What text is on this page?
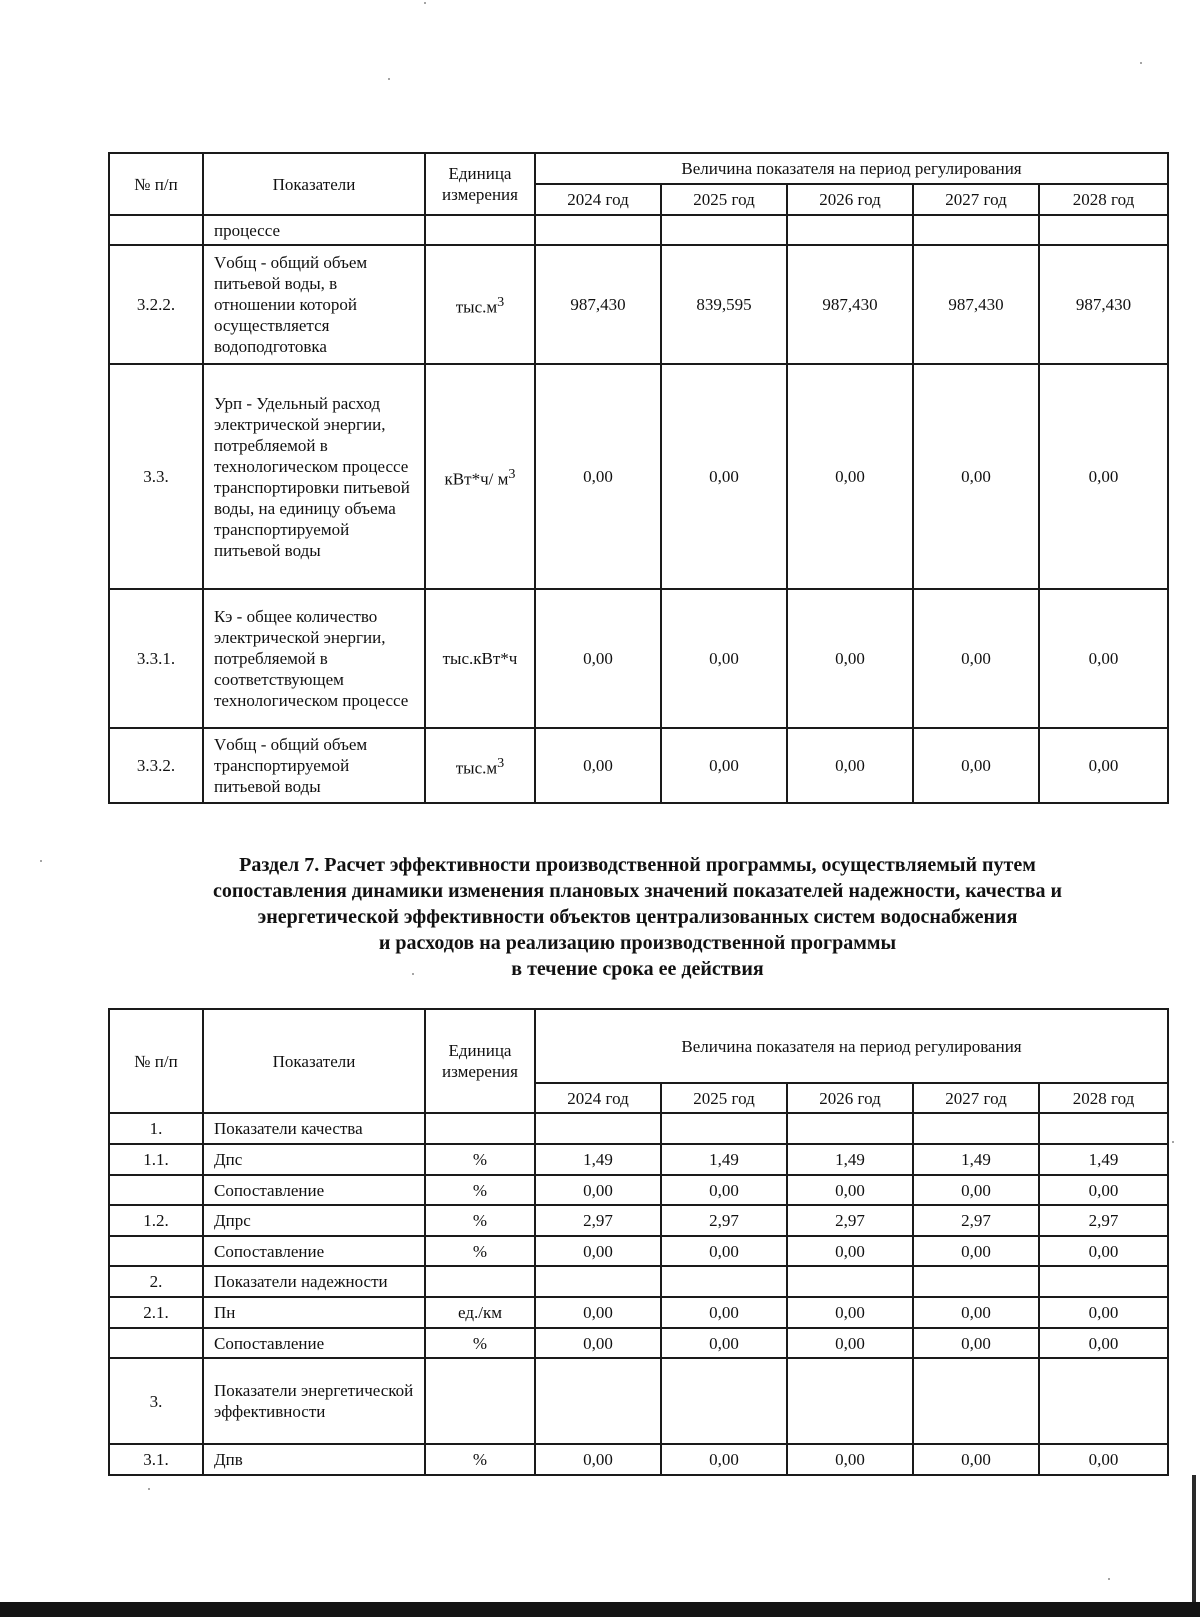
№ п/п	Показатели	Единица измерения	Величина показателя на период регулирования				
			2024 год	2025 год	2026 год	2027 год	2028 год
	процессе						
3.2.2.	Vобщ - общий объем питьевой воды, в отношении которой осуществляется водоподготовка	$тыс.м^3$	987,430	839,595	987,430	987,430	987,430
3.3.	Урп - Удельный расход электрической энергии, потребляемой в технологическом процессе транспортировки питьевой воды, на единицу объема транспортируемой питьевой воды	кВт*ч/ $м^3$	0,00	0,00	0,00	0,00	0,00
3.3.1.	Кэ - общее количество электрической энергии, потребляемой в соответствующем технологическом процессе	тыс.кВт*ч	0,00	0,00	0,00	0,00	0,00
3.3.2.	Vобщ - общий объем транспортируемой питьевой воды	$тыс.м^3$	0,00	0,00	0,00	0,00	0,00
Раздел 7. Расчет эффективности производственной программы, осуществляемый путем
сопоставления динамики изменения плановых значений показателей надежности, качества и
энергетической эффективности объектов централизованных систем водоснабжения
и расходов на реализацию производственной программы
в течение срока ее действия
№ п/п	Показатели	Единица измерения	Величина показателя на период регулирования				
			2024 год	2025 год	2026 год	2027 год	2028 год
1.	Показатели качества						
1.1.	Дпс	%	1,49	1,49	1,49	1,49	1,49
	Сопоставление	%	0,00	0,00	0,00	0,00	0,00
1.2.	Дпрс	%	2,97	2,97	2,97	2,97	2,97
	Сопоставление	%	0,00	0,00	0,00	0,00	0,00
2.	Показатели надежности						
2.1.	Пн	ед./км	0,00	0,00	0,00	0,00	0,00
	Сопоставление	%	0,00	0,00	0,00	0,00	0,00
3.	Показатели энергетической эффективности						
3.1.	Дпв	%	0,00	0,00	0,00	0,00	0,00
